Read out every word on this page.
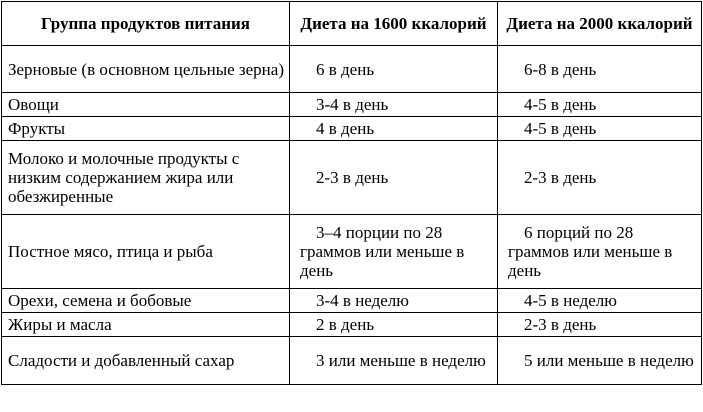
Группа продуктов питания	Диета на 1600 ккалорий	Диета на 2000 ккалорий
Зерновые (в основном цельные зерна)	6 в день	6-8 в день
Овощи	3-4 в день	4-5 в день
Фрукты	4 в день	4-5 в день
Молоко и молочные продукты с низким содержанием жира или обезжиренные	2-3 в день	2-3 в день
Постное мясо, птица и рыба	3–4 порции по 28 граммов или меньше в день	6 порций по 28 граммов или меньше в день
Орехи, семена и бобовые	3-4 в неделю	4-5 в неделю
Жиры и масла	2 в день	2-3 в день
Сладости и добавленный сахар	3 или меньше в неделю	5 или меньше в неделю
